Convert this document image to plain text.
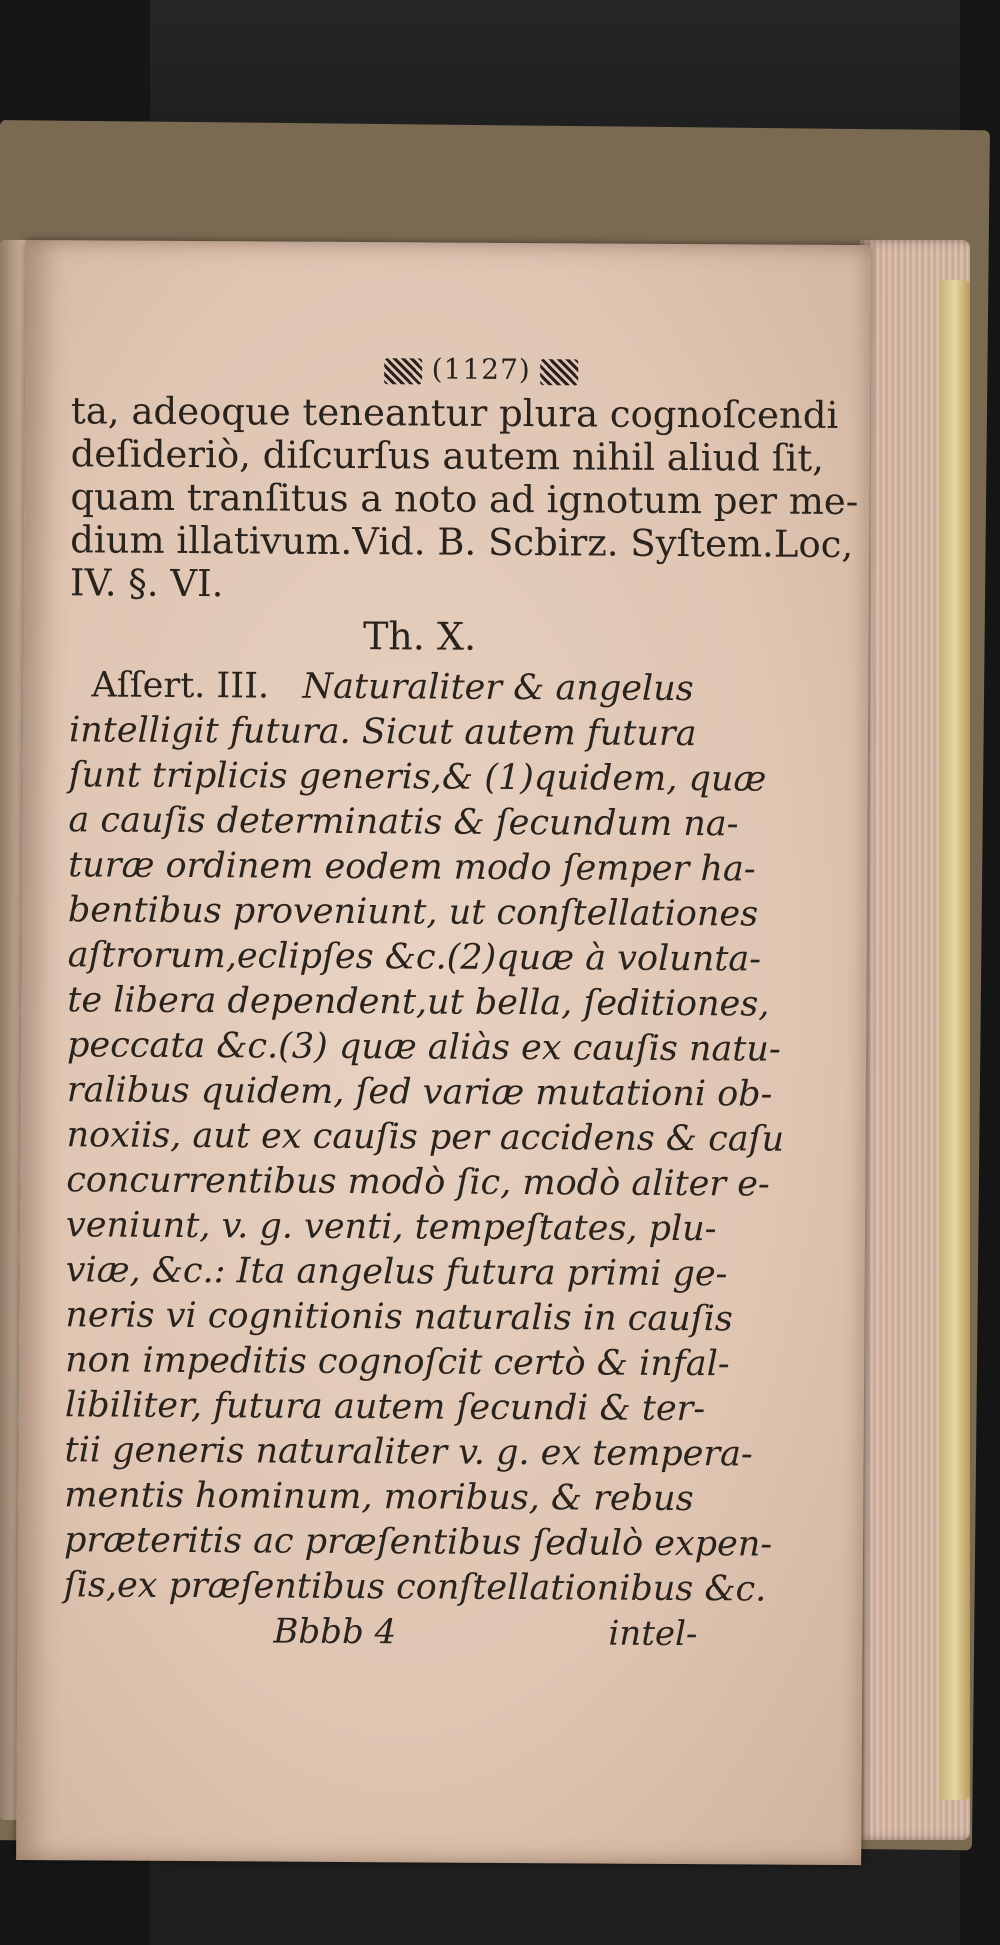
(1127)
ta, adeoque teneantur plura cognoſcendi
deſideriò, diſcurſus autem nihil aliud ſit,
quam tranſitus a noto ad ignotum per me-
dium illativum.Vid. B. Scbirz. Syſtem.Loc,
IV. §. VI.
Th. X.
Aſſert. III. Naturaliter & angelus
intelligit futura. Sicut autem futura
ſunt triplicis generis,& (1)quidem, quæ
a cauſis determinatis & ſecundum na-
turæ ordinem eodem modo ſemper ha-
bentibus proveniunt, ut conſtellationes
aſtrorum,eclipſes &c.(2)quæ à volunta-
te libera dependent,ut bella, ſeditiones,
peccata &c.(3) quæ aliàs ex cauſis natu-
ralibus quidem, ſed variæ mutationi ob-
noxiis, aut ex cauſis per accidens & caſu
concurrentibus modò ſic, modò aliter e-
veniunt, v. g. venti, tempeſtates, plu-
viæ, &c.: Ita angelus futura primi ge-
neris vi cognitionis naturalis in cauſis
non impeditis cognoſcit certò & infal-
libiliter, futura autem ſecundi & ter-
tii generis naturaliter v. g. ex tempera-
mentis hominum, moribus, & rebus
præteritis ac præſentibus ſedulò expen-
ſis,ex præſentibus conſtellationibus &c.
Bbbb 4	intel-
